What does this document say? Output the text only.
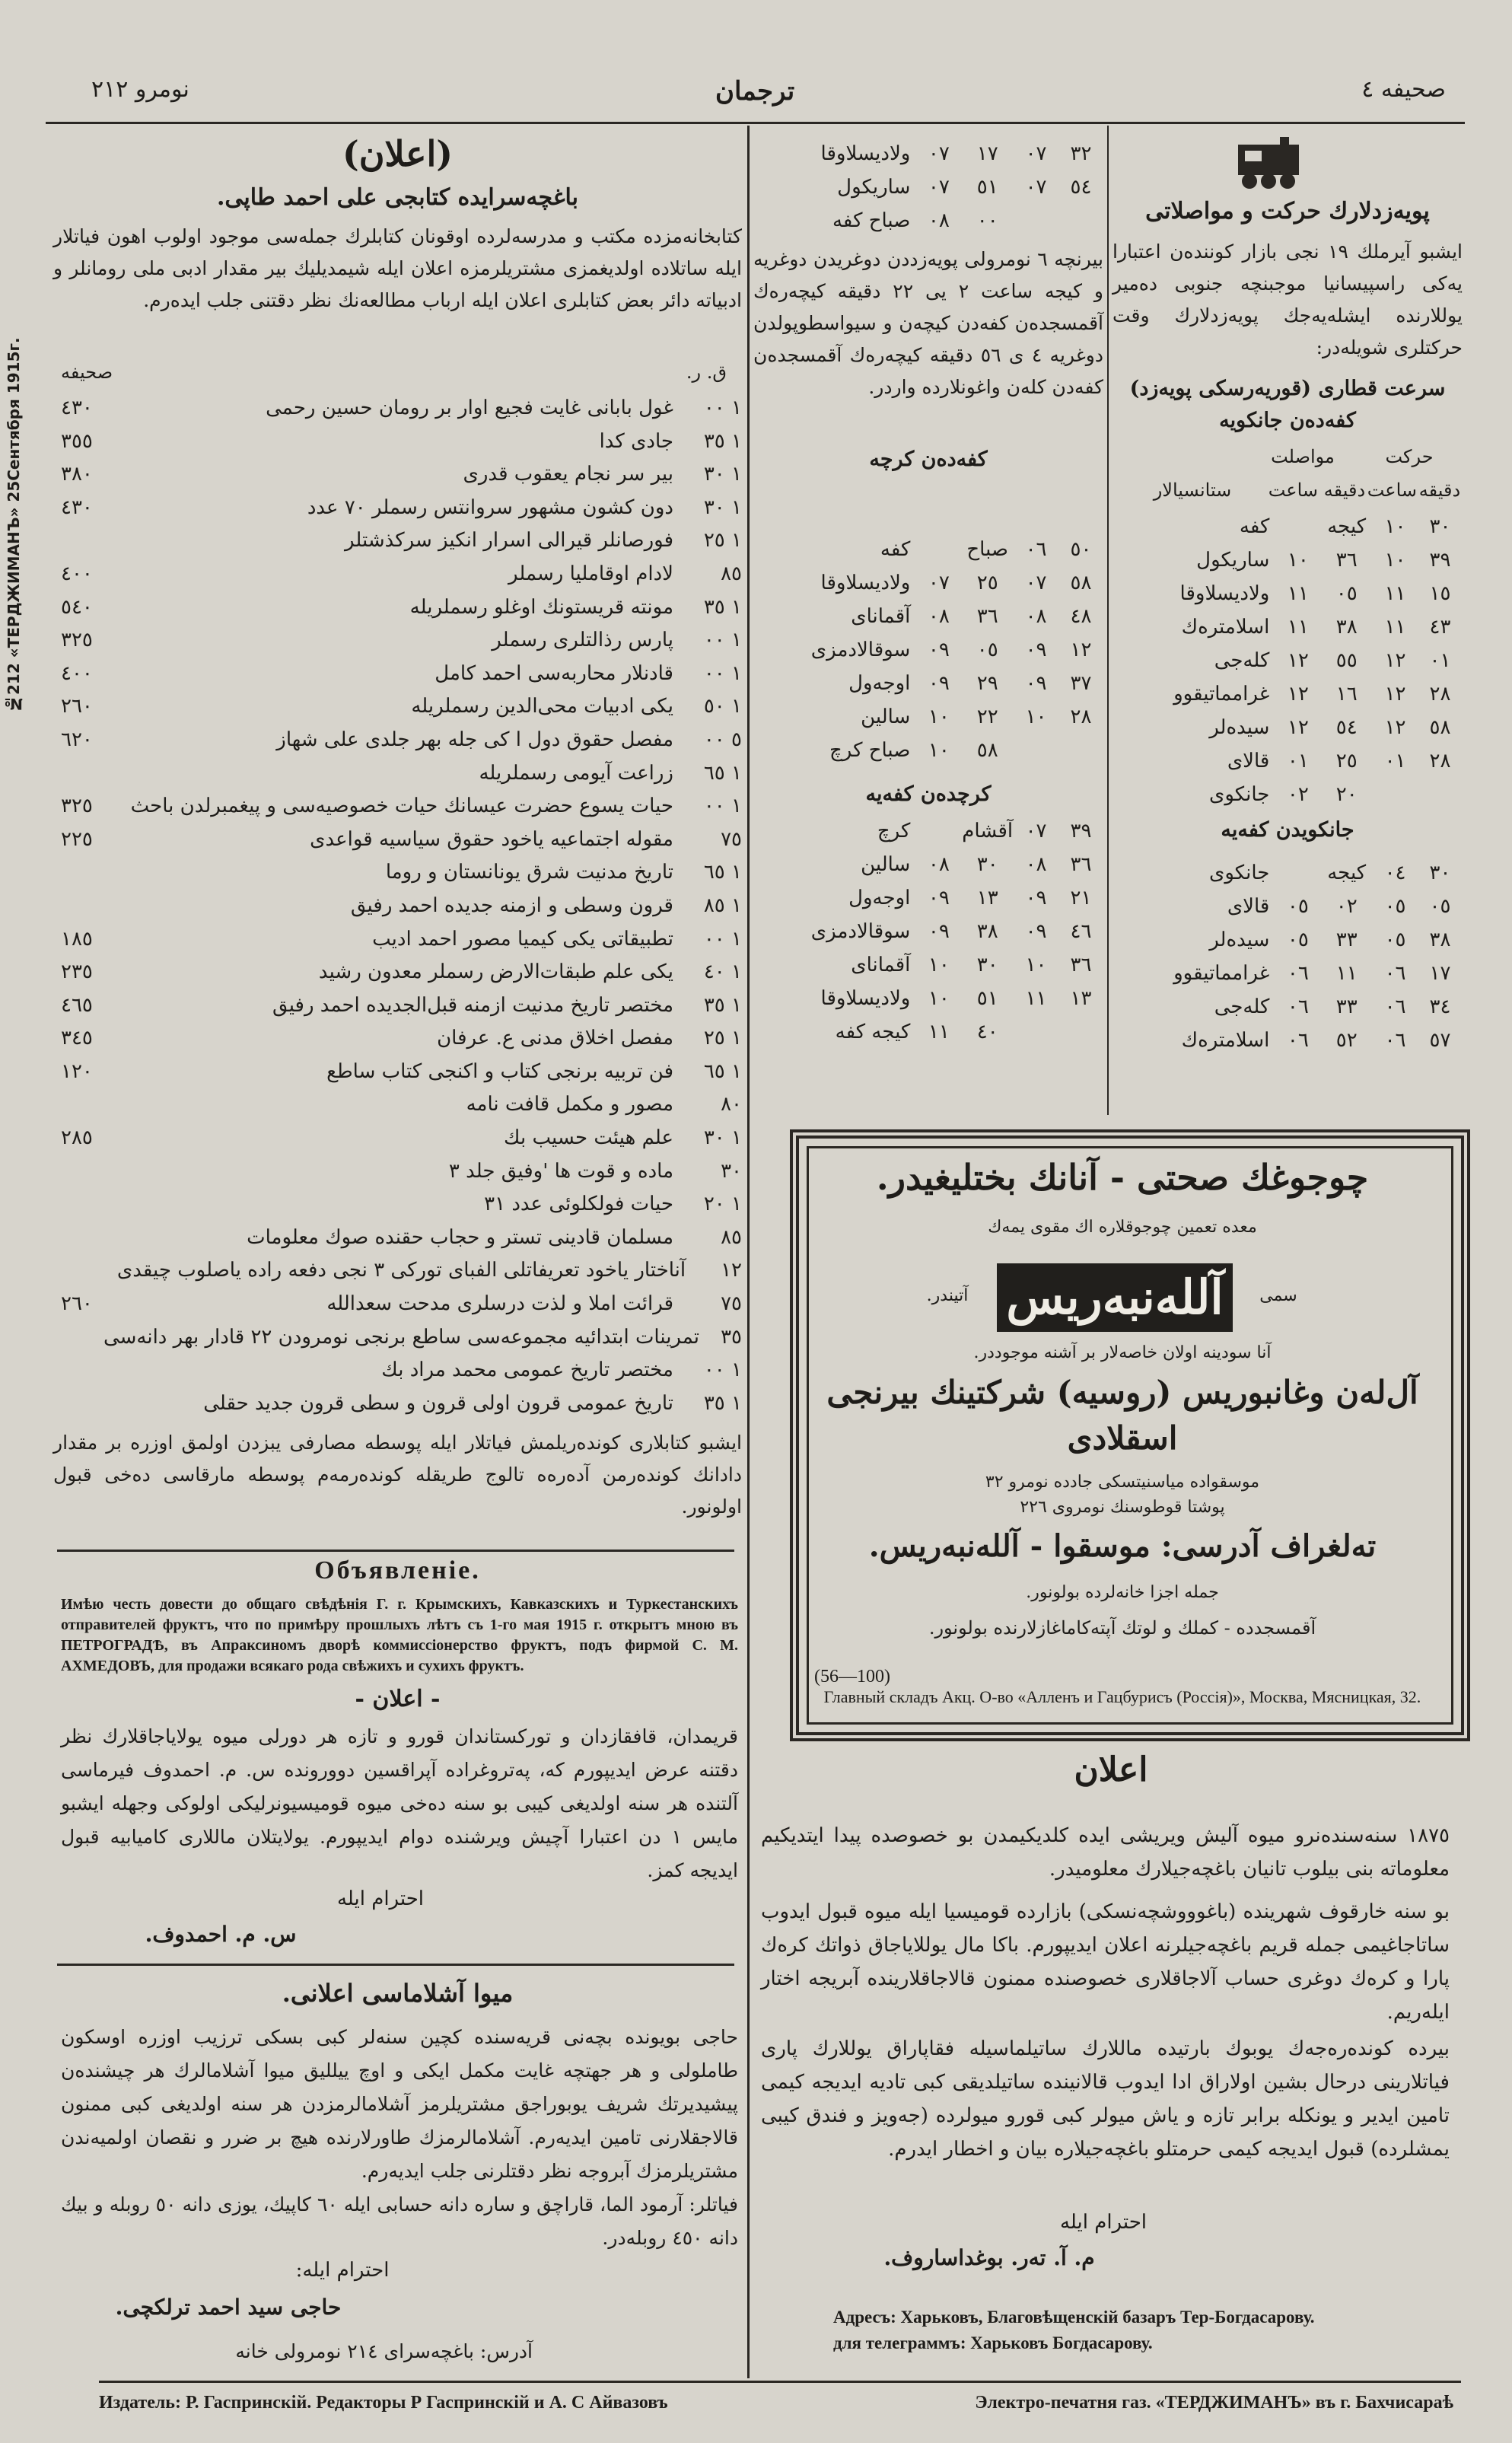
№212 «ТЕРДЖИМАНЪ» 25Сентября 1915г.
صحیفه ٤
ترجمان
نومرو ٢١٢
پویەزدلارك حرکت و مواصلاتی
ایشبو آیرملك ١٩ نجی بازار کونندەن اعتبارا یەکی راسپیسانیا موجبنچە جنوبی دەمیر یوللارندە ایشلەیەجك پویەزدلارك وقت حرکتلری شویلەدر:
سرعت قطاری (قوریەرسکی پویەزد) کفەدەن جانکویە
حرکت
مواصلت
دقیقه
ساعت
دقیقه
ساعت
ستانسیالار
٣٠
١٠
کیجه
کفه
٣٩
١٠
٣٦
١٠
ساریکول
١٥
١١
٠٥
١١
ولادیسلاوقا
٤٣
١١
٣٨
١١
اسلامترەك
٠١
١٢
٥٥
١٢
کلەجی
٢٨
١٢
١٦
١٢
غرامماتیقوو
٥٨
١٢
٥٤
١٢
سیدەلر
٢٨
٠١
٢٥
٠١
قالای
٢٠
٠٢
جانکوی
جانکویدن کفەیە
٣٠
٠٤
کیجه
جانکوی
٠٥
٠٥
٠٢
٠٥
قالای
٣٨
٠٥
٣٣
٠٥
سیدەلر
١٧
٠٦
١١
٠٦
غرامماتیقوو
٣٤
٠٦
٣٣
٠٦
کلەجی
٥٧
٠٦
٥٢
٠٦
اسلامترەك
٣٢
٠٧
١٧
٠٧
ولادیسلاوقا
٥٤
٠٧
٥١
٠٧
ساریکول
٠٠
٠٨
صباح کفه
بیرنچە ٦ نومرولی پویەزددن دوغریدن دوغریە و کیجه ساعت ٢ یی ٢٢ دقیقه کیچەرەك آقمسجدەن کفەدن کیچەن و سیواسطوپولدن دوغریە ٤ ی ٥٦ دقیقه کیچەرەك آقمسجدەن کفەدن کلەن واغونلارده واردر.
کفەدەن کرچە
٥٠
٠٦
صباح
کفه
٥٨
٠٧
٢٥
٠٧
ولادیسلاوقا
٤٨
٠٨
٣٦
٠٨
آقمانای
١٢
٠٩
٠٥
٠٩
سوقالادمزی
٣٧
٠٩
٢٩
٠٩
اوجەول
٢٨
١٠
٢٢
١٠
سالین
٥٨
١٠
صباح کرچ
کرچدەن کفەیە
٣٩
٠٧
آقشام
کرچ
٣٦
٠٨
٣٠
٠٨
سالین
٢١
٠٩
١٣
٠٩
اوجەول
٤٦
٠٩
٣٨
٠٩
سوقالادمزی
٣٦
١٠
٣٠
١٠
آقمانای
١٣
١١
٥١
١٠
ولادیسلاوقا
٤٠
١١
کیجه کفه
چوجوغك صحتی - آنانك بختلیغیدر.
معده تعمین چوجوقلارە اك مقوی یمەك
سمی
آللەنبەریس
آتیندر.
آنا سودینە اولان خاصەلار بر آشنه موجوددر.
آل‌لەن وغانبوریس (روسیه) شرکتینك بیرنجی اسقلادی
موسقواده میاسنیتسکی جادده نومرو ٣٢
پوشتا قوطوسنك نومروی ٢٢٦
تەلغراف آدرسی: موسقوا - آللەنبەریس.
جمله اجزا خانه‌لرده بولونور.
آقمسجدده - کملك و لوتك آپتەکاماغازلارنده بولونور.
(56—100)
Главный складъ Акц. О-во «Алленъ и Гацбурисъ (Россія)», Москва, Мясницкая, 32.
اعلان
١٨٧٥ سنەسندەنرو میوه آلیش ویریشی ایده کلدیکیمدن بو خصوصده پیدا ایتدیکیم معلوماته بنی بیلوب تانیان باغچەجیلارك معلومیدر.
بو سنه خارقوف شهرینده (باغوووشچەنسکی) بازارده قومیسیا ایله میوه قبول ایدوب ساتاجاغیمی جمله قریم باغچەجیلرنه اعلان ایدیپورم. باکا مال یوللایاجاق ذواتك کرەك پارا و کرەك دوغری حساب آلاجاقلاری خصوصنده ممنون قالاجاقلاریندە آبریجه اختار ایلەریم.
بیرده کوندەرەجەك یوبوك بارتیده ماللارك ساتیلماسیله فقاپاراق یوللارك پاری فیاتلارینی درحال بشین اولاراق ادا ایدوب قالانینده ساتیلدیقی کبی تادیه ایدیجه کیمی تامین ایدیر و یونکله برابر تازه و یاش میولر کبی قورو میولرده (جەویز و فندق کیبی یمشلرده) قبول ایدیجه کیمی حرمتلو باغچەجیلاره بیان و اخطار ایدرم.
احترام ایله
م. آ. تەر. بوغداساروف.
Адресъ: Харьковъ, Благовѣщенскій базаръ Тер-Богдасарову.
для телеграммъ: Харьковъ Богдасарову.
(اعلان)
باغچەسرایدە کتابجی علی احمد طاپی.
کتابخانەمزدە مکتب و مدرسەلردە اوقونان کتابلرك جملەسی موجود اولوب اهون فیاتلار ایلە ساتلادە اولدیغمزی مشتریلرمزە اعلان ایلە شیمدیلیك بیر مقدار ادبی ملی رومانلر و ادبیاته دائر بعض کتابلری اعلان ایلە ارباب مطالعەنك نظر دقتنی جلب ایدەرم.
ق. ر.
صحیفه
١ ٠٠
غول بابانی غایت فجیع اوار بر رومان حسین رحمی
٤٣٠
١ ٣٥
جادی کدا
٣٥٥
١ ٣٠
بیر سر نجام یعقوب قدری
٣٨٠
١ ٣٠
دون کشون مشهور سروانتس رسملر ٧٠ عدد
٤٣٠
١ ٢٥
فورصانلر قیرالی اسرار انکیز سرکذشتلر
٨٥
لادام اوقاملیا رسملر
٤٠٠
١ ٣٥
مونته قریستونك اوغلو رسملریله
٥٤٠
١ ٠٠
پارس رذالتلری رسملر
٣٢٥
١ ٠٠
قادنلار محاربەسی احمد کامل
٤٠٠
١ ٥٠
یکی ادبیات محی‌الدین رسملریله
٢٦٠
٥ ٠٠
مفصل حقوق دول ا کی جله بهر جلدی علی شهاز
٦٢٠
١ ٦٥
زراعت آیومی رسملریله
١ ٠٠
حیات یسوع حضرت عیسانك حیات خصوصیەسی و پیغمبرلدن باحث
٣٢٥
٧٥
مقوله اجتماعیه یاخود حقوق سیاسیه قواعدی
٢٢٥
١ ٦٥
تاریخ مدنیت شرق یونانستان و روما
١ ٨٥
قرون وسطی و ازمنه جدیده احمد رفیق
١ ٠٠
تطبیقاتی یکی کیمیا مصور احمد ادیب
١٨٥
١ ٤٠
یکی علم طبقات‌الارض رسملر معدون رشید
٢٣٥
١ ٣٥
مختصر تاریخ مدنیت ازمنه قبل‌الجدیده احمد رفیق
٤٦٥
١ ٢٥
مفصل اخلاق مدنی ع. عرفان
٣٤٥
١ ٦٥
فن تربیه برنجی کتاب و اکنجی کتاب ساطع
١٢٠
٨٠
مصور و مکمل قافت نامه
١ ٣٠
علم هیئت حسیب بك
٢٨٥
٣٠
ماده و قوت ها 'وفیق جلد ٣
١ ٢٠
حیات فولکلوئی عدد ٣١
٨٥
مسلمان قادینی تستر و حجاب حقنده صوك معلومات
١٢
آناختار یاخود تعریفاتلی الفبای تورکی ٣ نجی دفعه راده یاصلوب چیقدی
٧٥
قرائت املا و لذت درسلری مدحت سعدالله
٢٦٠
٣٥
تمرینات ابتدائیه مجموعەسی ساطع برنجی نومرودن ٢٢ قادار بهر دانەسی
١ ٠٠
مختصر تاریخ عمومی محمد مراد بك
١ ٣٥
تاریخ عمومی قرون اولی قرون و سطی قرون جدید حقلی
ایشبو کتابلاری کوندەریلمش فیاتلار ایلە پوسطه مصارفی یبزدن اولمق اوزرە بر مقدار دادانك کوندەرمن آدەرەه تالوج طریقله کوندەرمەم پوسطه مارقاسی دەخی قبول اولونور.
Объявленіе.
Имѣю честь довести до общаго свѣдѣнія Г. г. Крымскихъ, Кавказскихъ и Туркестанскихъ отправителей фруктъ, что по примѣру прошлыхъ лѣтъ съ 1-го мая 1915 г. открытъ мною въ ПЕТРОГРАДѢ, въ Апраксиномъ дворѣ коммиссіонерство фруктъ, подъ фирмой С. М. АХМЕДОВЪ, для продажи всякаго рода свѣжихъ и сухихъ фруктъ.
- اعلان -
قریمدان، قافقازدان و تورکستاندان قورو و تازه هر دورلی میوە یولایاجاقلارك نظر دقتنه عرض ایدیپورم که، پەتروغرادە آپراقسین دووروندە س. م. احمدوف فیرماسی آلتندە هر سنه اولدیغی کیبی بو سنه دەخی میوه قومیسیونرلیکی اولوکی وجهله ایشبو مایس ١ دن اعتبارا آچیش ویرشندە دوام ایدیپورم. یولایتلان ماللاری کامیابیه قبول ایدیجه کمز.
احترام ایله
س. م. احمدوف.
میوا آشلاماسی اعلانی.
حاجی بویونده بچەنی قریەسندە کچین سنەلر کبی بسکی ترزیب اوزرە اوسکون طاملولی و هر جهتچە غایت مکمل ایکی و اوچ ییللیق میوا آشلامالرك هر چیشندەن پیشیدیرتك شریف یوبوراجق مشتریلرمز آشلامالرمزدن هر سنه اولدیغی کبی ممنون قالاجقلارنی تامین ایدیەرم. آشلامالرمزك طاورلارندە هیچ بر ضرر و نقصان اولمیەندن مشتریلرمزك آبروجه نظر دقتلرنی جلب ایدیەرم.
فیاتلر: آرمود الما، قاراچق و ساره دانه حسابی ایله ٦٠ کاپیك، یوزی دانه ٥٠ روبله و بیك دانه ٤٥٠ روبلەدر.
احترام ایله:
حاجی سید احمد ترلکچی.
آدرس: باغچەسرای ٢١٤ نومرولی خانه
Издатель: Р. Гаспринскій. Редакторы Р Гаспринскій и А. С Айвазовъ	Электро-печатня газ. «ТЕРДЖИМАНЪ» въ г. Бахчисараѣ
